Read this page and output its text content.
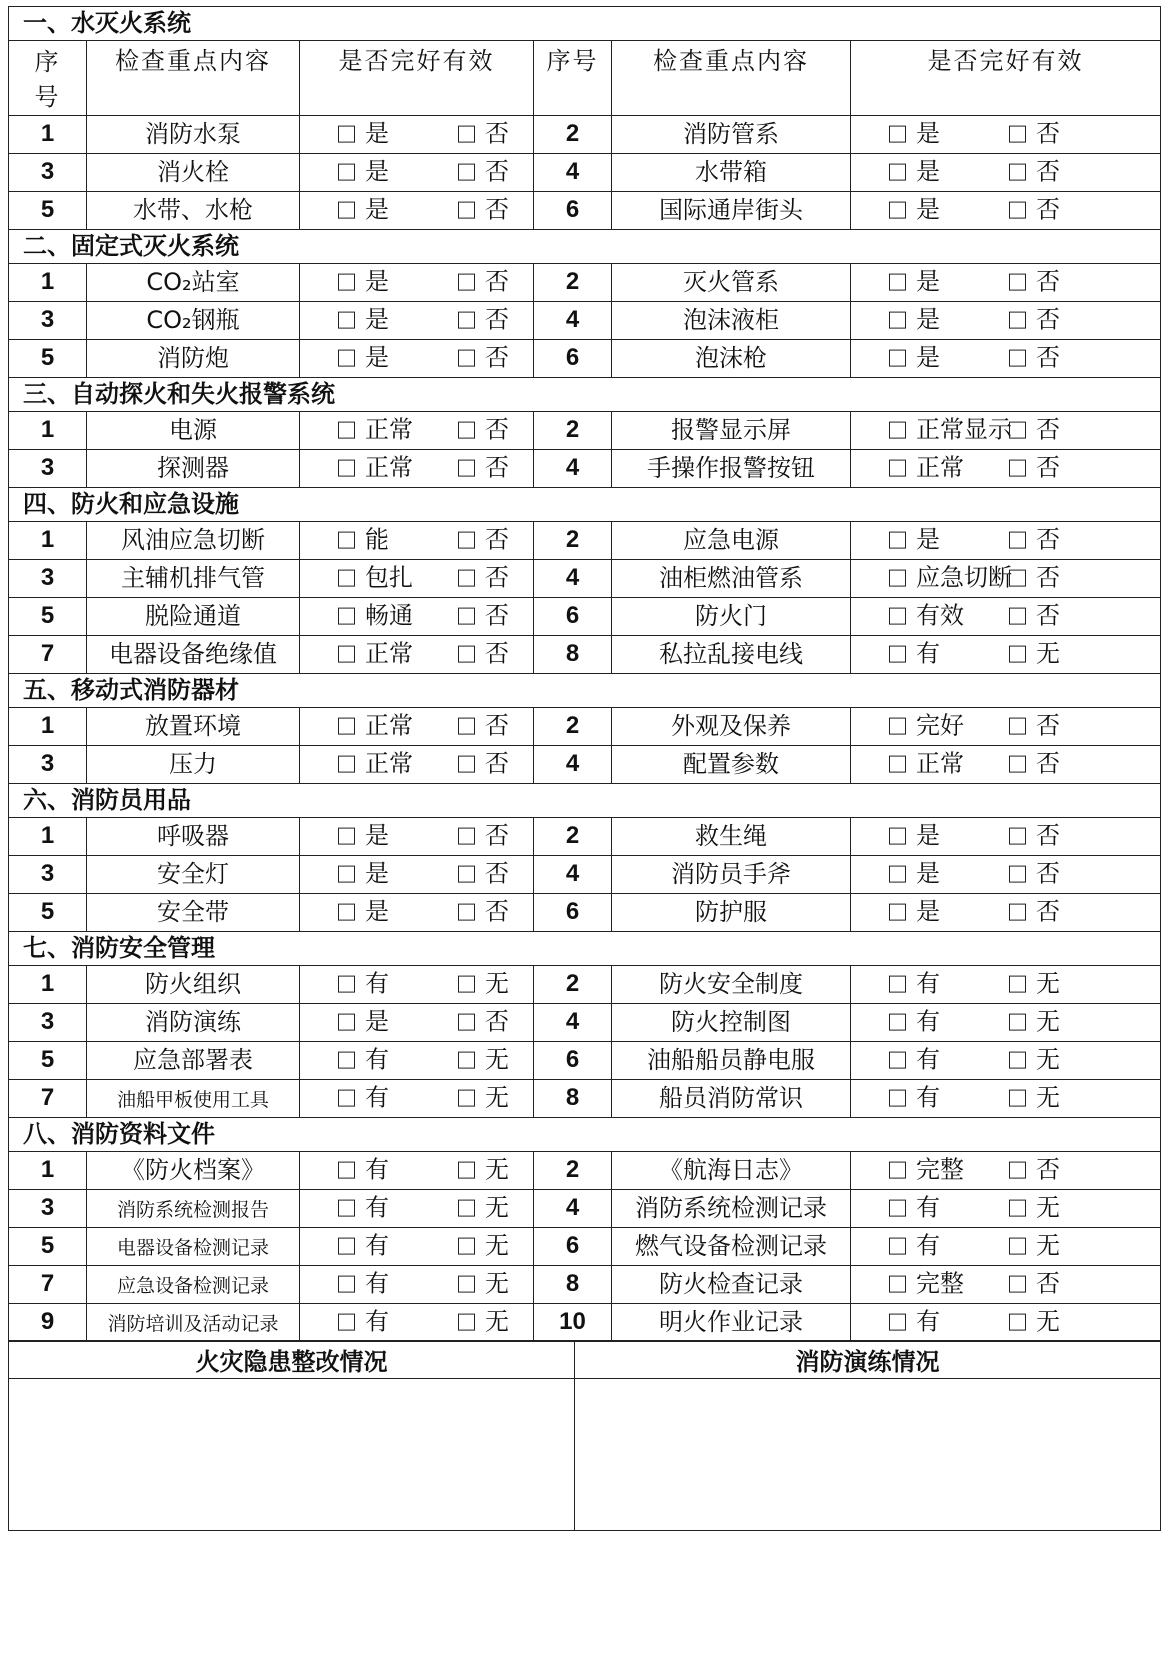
一、水灭火系统					
序号	检查重点内容	是否完好有效	序号	检查重点内容	是否完好有效
1	消防水泵	是 否	2	消防管系	是 否

3	消火栓	是 否	4	水带箱	是 否

5	水带、水枪	是 否	6	国际通岸街头	是 否

二、固定式灭火系统					
1	CO₂站室	是 否	2	灭火管系	是 否

3	CO₂钢瓶	是 否	4	泡沫液柜	是 否

5	消防炮	是 否	6	泡沫枪	是 否

三、自动探火和失火报警系统					
1	电源	正常 否	2	报警显示屏	正常显示 否

3	探测器	正常 否	4	手操作报警按钮	正常 否

四、防火和应急设施					
1	风油应急切断	能 否	2	应急电源	是 否

3	主辅机排气管	包扎 否	4	油柜燃油管系	应急切断 否

5	脱险通道	畅通 否	6	防火门	有效 否

7	电器设备绝缘值	正常 否	8	私拉乱接电线	有 无

五、移动式消防器材					
1	放置环境	正常 否	2	外观及保养	完好 否

3	压力	正常 否	4	配置参数	正常 否

六、消防员用品					
1	呼吸器	是 否	2	救生绳	是 否

3	安全灯	是 否	4	消防员手斧	是 否

5	安全带	是 否	6	防护服	是 否

七、消防安全管理					
1	防火组织	有 无	2	防火安全制度	有 无

3	消防演练	是 否	4	防火控制图	有 无

5	应急部署表	有 无	6	油船船员静电服	有 无

7	油船甲板使用工具	有 无	8	船员消防常识	有 无

八、消防资料文件					
1	《防火档案》	有 无	2	《航海日志》	完整 否

3	消防系统检测报告	有 无	4	消防系统检测记录	有 无

5	电器设备检测记录	有 无	6	燃气设备检测记录	有 无

7	应急设备检测记录	有 无	8	防火检查记录	完整 否

9	消防培训及活动记录	有 无	10	明火作业记录	有 无
火灾隐患整改情况	消防演练情况
